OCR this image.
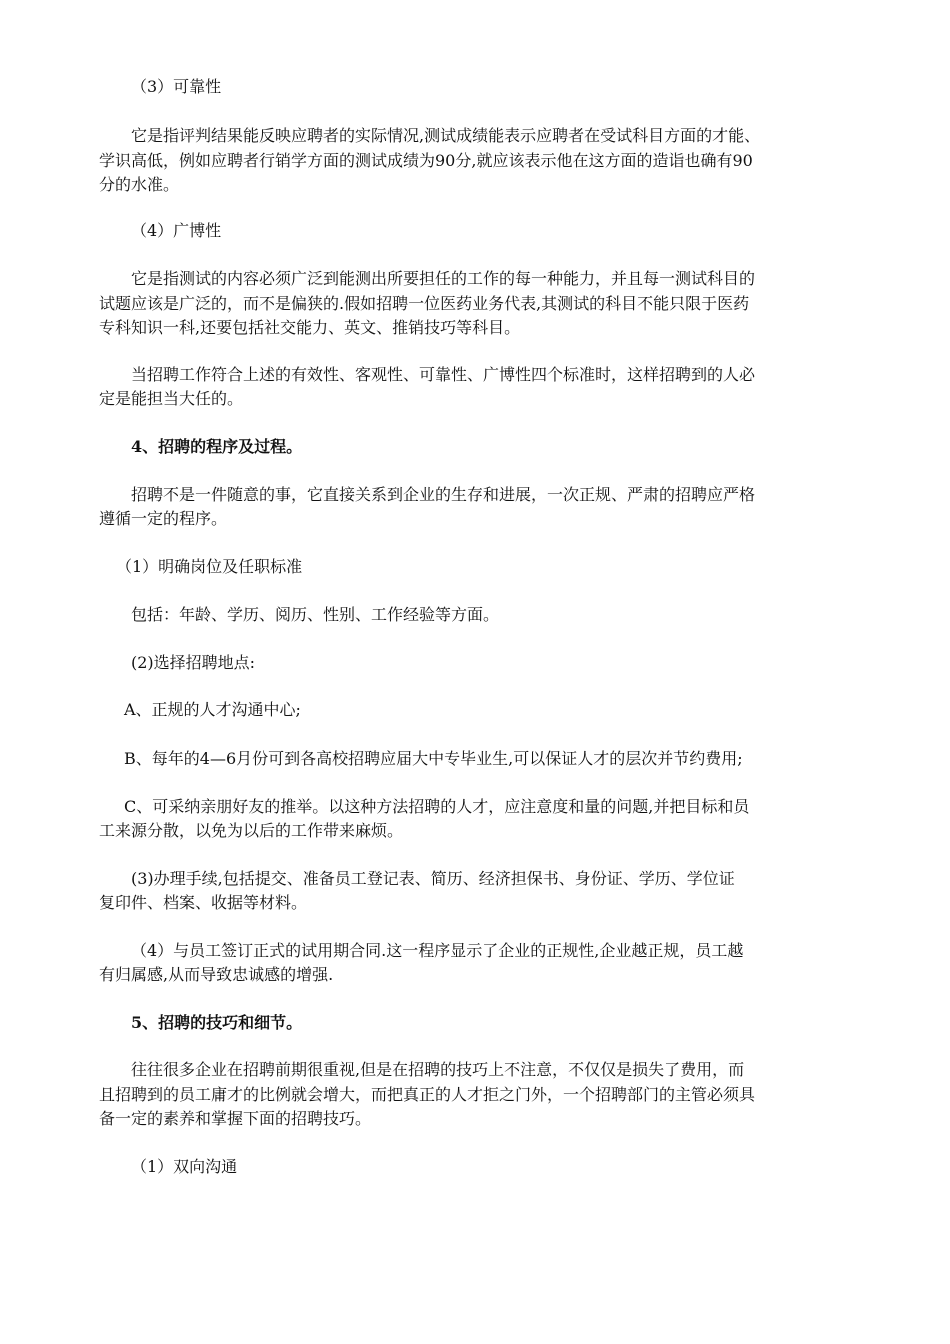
（3）可靠性
它是指评判结果能反映应聘者的实际情况,测试成绩能表示应聘者在受试科目方面的才能、
学识高低，例如应聘者行销学方面的测试成绩为90分,就应该表示他在这方面的造诣也确有90
分的水准。
（4）广博性
它是指测试的内容必须广泛到能测出所要担任的工作的每一种能力，并且每一测试科目的
试题应该是广泛的，而不是偏狭的.假如招聘一位医药业务代表,其测试的科目不能只限于医药
专科知识一科,还要包括社交能力、英文、推销技巧等科目。
当招聘工作符合上述的有效性、客观性、可靠性、广博性四个标准时，这样招聘到的人必
定是能担当大任的。
4、招聘的程序及过程。
招聘不是一件随意的事，它直接关系到企业的生存和进展，一次正规、严肃的招聘应严格
遵循一定的程序。
（1）明确岗位及任职标准
包括：年龄、学历、阅历、性别、工作经验等方面。
(2)选择招聘地点:
A、正规的人才沟通中心;
B、每年的4—6月份可到各高校招聘应届大中专毕业生,可以保证人才的层次并节约费用;
C、可采纳亲朋好友的推举。以这种方法招聘的人才，应注意度和量的问题,并把目标和员
工来源分散，以免为以后的工作带来麻烦。
(3)办理手续,包括提交、准备员工登记表、简历、经济担保书、身份证、学历、学位证
复印件、档案、收据等材料。
（4）与员工签订正式的试用期合同.这一程序显示了企业的正规性,企业越正规，员工越
有归属感,从而导致忠诚感的增强.
5、招聘的技巧和细节。
往往很多企业在招聘前期很重视,但是在招聘的技巧上不注意，不仅仅是损失了费用，而
且招聘到的员工庸才的比例就会增大，而把真正的人才拒之门外，一个招聘部门的主管必须具
备一定的素养和掌握下面的招聘技巧。
（1）双向沟通
